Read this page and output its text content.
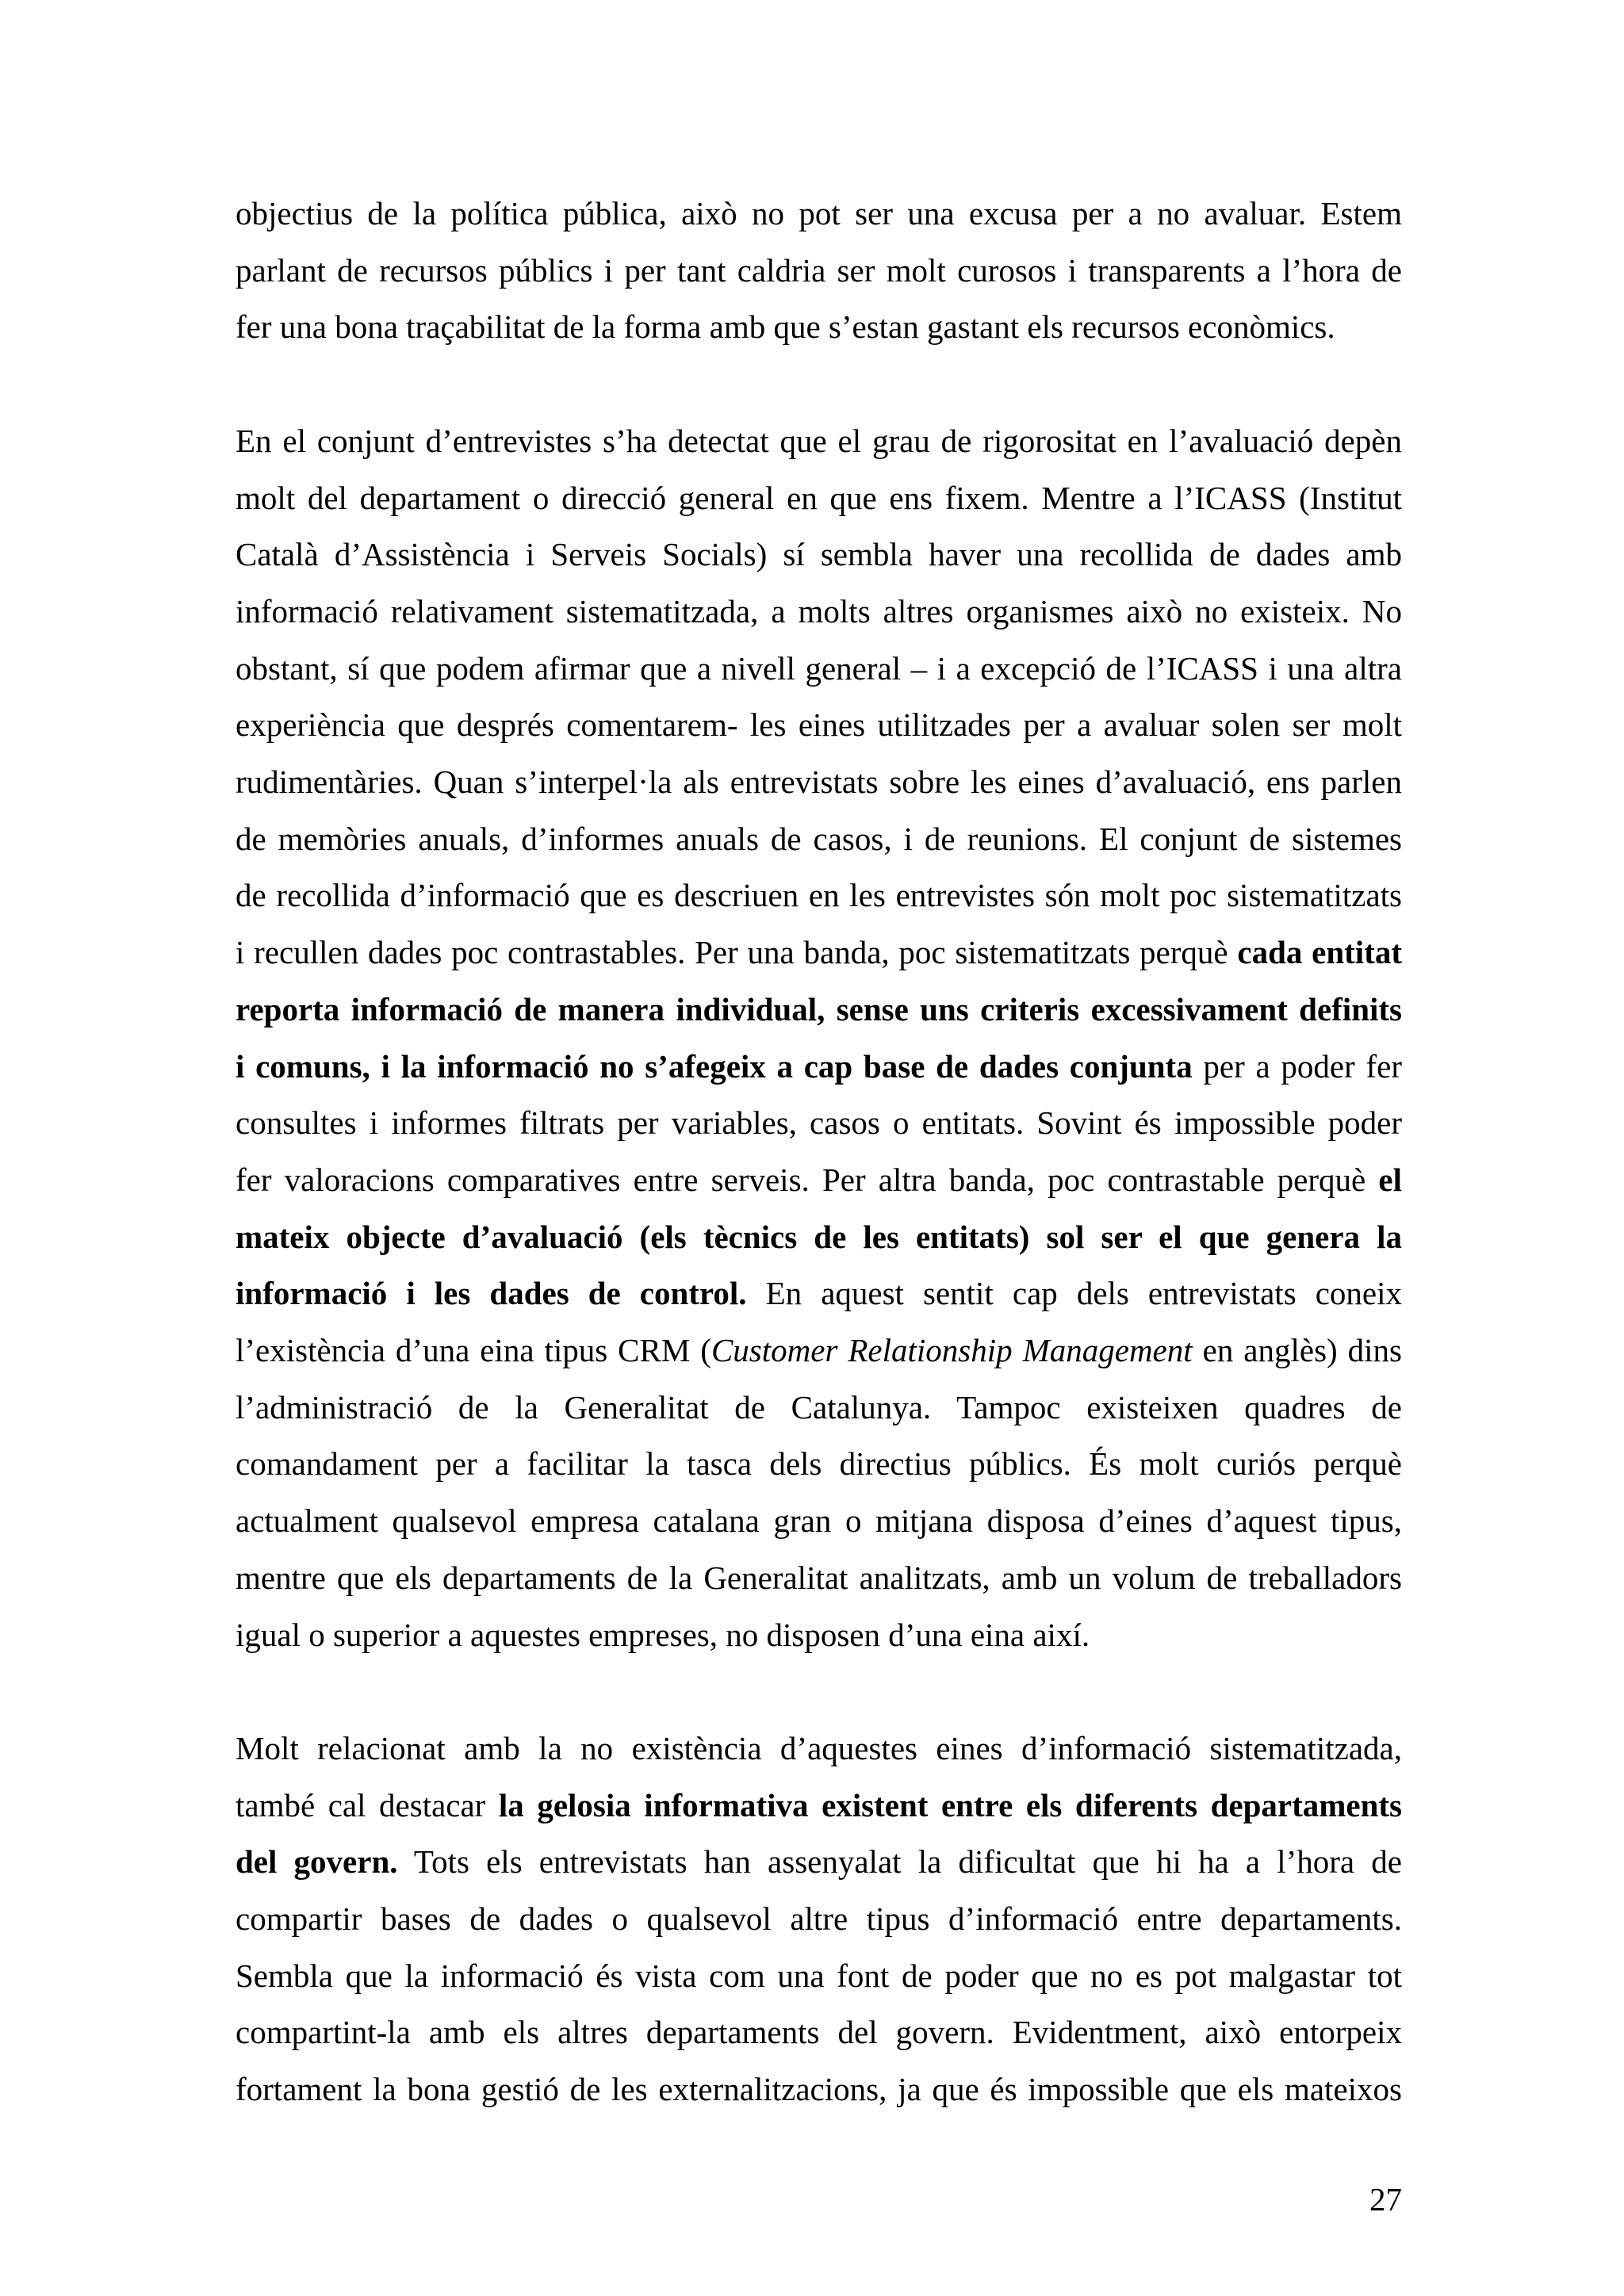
objectius de la política pública, això no pot ser una excusa per a no avaluar. Estem
parlant de recursos públics i per tant caldria ser molt curosos i transparents a l’hora de
fer una bona traçabilitat de la forma amb que s’estan gastant els recursos econòmics.
En el conjunt d’entrevistes s’ha detectat que el grau de rigorositat en l’avaluació depèn
molt del departament o direcció general en que ens fixem. Mentre a l’ICASS (Institut
Català d’Assistència i Serveis Socials) sí sembla haver una recollida de dades amb
informació relativament sistematitzada, a molts altres organismes això no existeix. No
obstant, sí que podem afirmar que a nivell general – i a excepció de l’ICASS i una altra
experiència que després comentarem- les eines utilitzades per a avaluar solen ser molt
rudimentàries. Quan s’interpel·la als entrevistats sobre les eines d’avaluació, ens parlen
de memòries anuals, d’informes anuals de casos, i de reunions. El conjunt de sistemes
de recollida d’informació que es descriuen en les entrevistes són molt poc sistematitzats
i recullen dades poc contrastables. Per una banda, poc sistematitzats perquè cada entitat
reporta informació de manera individual, sense uns criteris excessivament definits
i comuns, i la informació no s’afegeix a cap base de dades conjunta per a poder fer
consultes i informes filtrats per variables, casos o entitats. Sovint és impossible poder
fer valoracions comparatives entre serveis. Per altra banda, poc contrastable perquè el
mateix objecte d’avaluació (els tècnics de les entitats) sol ser el que genera la
informació i les dades de control. En aquest sentit cap dels entrevistats coneix
l’existència d’una eina tipus CRM (Customer Relationship Management en anglès) dins
l’administració de la Generalitat de Catalunya. Tampoc existeixen quadres de
comandament per a facilitar la tasca dels directius públics. És molt curiós perquè
actualment qualsevol empresa catalana gran o mitjana disposa d’eines d’aquest tipus,
mentre que els departaments de la Generalitat analitzats, amb un volum de treballadors
igual o superior a aquestes empreses, no disposen d’una eina així.
Molt relacionat amb la no existència d’aquestes eines d’informació sistematitzada,
també cal destacar la gelosia informativa existent entre els diferents departaments
del govern. Tots els entrevistats han assenyalat la dificultat que hi ha a l’hora de
compartir bases de dades o qualsevol altre tipus d’informació entre departaments.
Sembla que la informació és vista com una font de poder que no es pot malgastar tot
compartint-la amb els altres departaments del govern. Evidentment, això entorpeix
fortament la bona gestió de les externalitzacions, ja que és impossible que els mateixos
27
